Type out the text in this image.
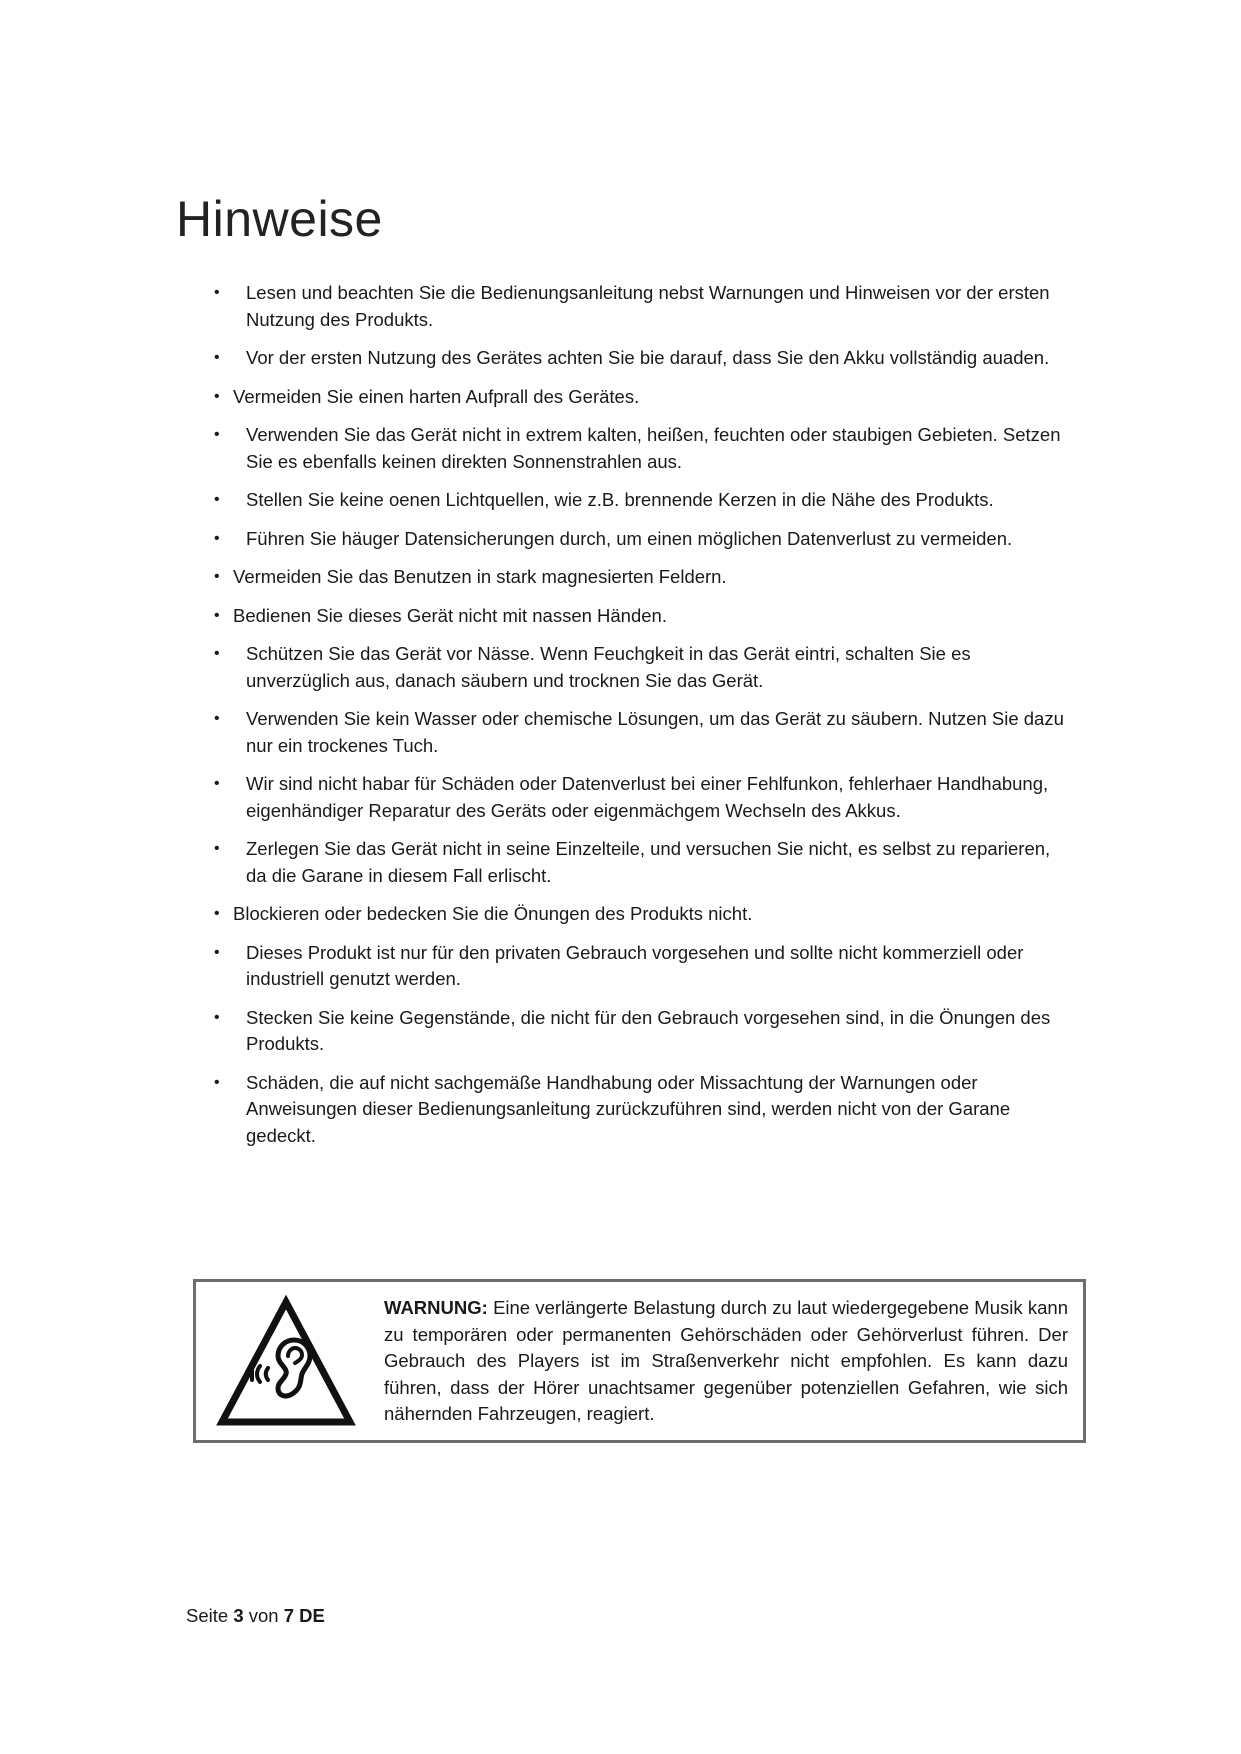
Hinweise
• Lesen und beachten Sie die Bedienungsanleitung nebst Warnungen und Hinweisen vor der ersten Nutzung des Produkts.
• Vor der ersten Nutzung des Gerätes achten Sie bie darauf, dass Sie den Akku vollständig auaden.
• Vermeiden Sie einen harten Aufprall des Gerätes.
• Verwenden Sie das Gerät nicht in extrem kalten, heißen, feuchten oder staubigen Gebieten. Setzen Sie es ebenfalls keinen direkten Sonnenstrahlen aus.
• Stellen Sie keine oenen Lichtquellen, wie z.B. brennende Kerzen in die Nähe des Produkts.
• Führen Sie häuger Datensicherungen durch, um einen möglichen Datenverlust zu vermeiden.
• Vermeiden Sie das Benutzen in stark magnesierten Feldern.
• Bedienen Sie dieses Gerät nicht mit nassen Händen.
• Schützen Sie das Gerät vor Nässe. Wenn Feuchgkeit in das Gerät eintri, schalten Sie es unverzüglich aus, danach säubern und trocknen Sie das Gerät.
• Verwenden Sie kein Wasser oder chemische Lösungen, um das Gerät zu säubern. Nutzen Sie dazu nur ein trockenes Tuch.
• Wir sind nicht habar für Schäden oder Datenverlust bei einer Fehlfunkon, fehlerhaer Handhabung, eigenhändiger Reparatur des Geräts oder eigenmächgem Wechseln des Akkus.
• Zerlegen Sie das Gerät nicht in seine Einzelteile, und versuchen Sie nicht, es selbst zu reparieren, da die Garane in diesem Fall erlischt.
• Blockieren oder bedecken Sie die Önungen des Produkts nicht.
• Dieses Produkt ist nur für den privaten Gebrauch vorgesehen und sollte nicht kommerziell oder industriell genutzt werden.
• Stecken Sie keine Gegenstände, die nicht für den Gebrauch vorgesehen sind, in die Önungen des Produkts.
• Schäden, die auf nicht sachgemäße Handhabung oder Missachtung der Warnungen oder Anweisungen dieser Bedienungsanleitung zurückzuführen sind, werden nicht von der Garane gedeckt.

WARNUNG: Eine verlängerte Belastung durch zu laut wiedergegebene Musik kann zu temporären oder permanenten Gehörschäden oder Gehörverlust führen. Der Gebrauch des Players ist im Straßenverkehr nicht empfohlen. Es kann dazu führen, dass der Hörer unachtsamer gegenüber potenziellen Gefahren, wie sich nähernden Fahrzeugen, reagiert.

Seite 3 von 7 DE
